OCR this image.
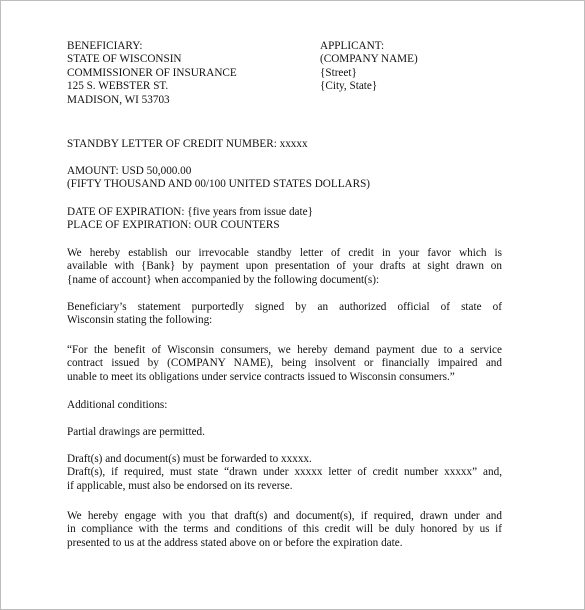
BENEFICIARY:
STATE OF WISCONSIN
COMMISSIONER OF INSURANCE
125 S. WEBSTER ST.
MADISON, WI 53703
APPLICANT:
(COMPANY NAME)
{Street}
{City, State}
STANDBY LETTER OF CREDIT NUMBER: xxxxx
AMOUNT: USD 50,000.00
(FIFTY THOUSAND AND 00/100 UNITED STATES DOLLARS)
DATE OF EXPIRATION: {five years from issue date}
PLACE OF EXPIRATION: OUR COUNTERS
We hereby establish our irrevocable standby letter of credit in your favor which is
available with {Bank} by payment upon presentation of your drafts at sight drawn on
{name of account} when accompanied by the following document(s):
Beneficiary’s statement purportedly signed by an authorized official of state of
Wisconsin stating the following:
“For the benefit of Wisconsin consumers, we hereby demand payment due to a service
contract issued by (COMPANY NAME), being insolvent or financially impaired and
unable to meet its obligations under service contracts issued to Wisconsin consumers.”
Additional conditions:
Partial drawings are permitted.
Draft(s) and document(s) must be forwarded to xxxxx.
Draft(s), if required, must state “drawn under xxxxx letter of credit number xxxxx” and,
if applicable, must also be endorsed on its reverse.
We hereby engage with you that draft(s) and document(s), if required, drawn under and
in compliance with the terms and conditions of this credit will be duly honored by us if
presented to us at the address stated above on or before the expiration date.
